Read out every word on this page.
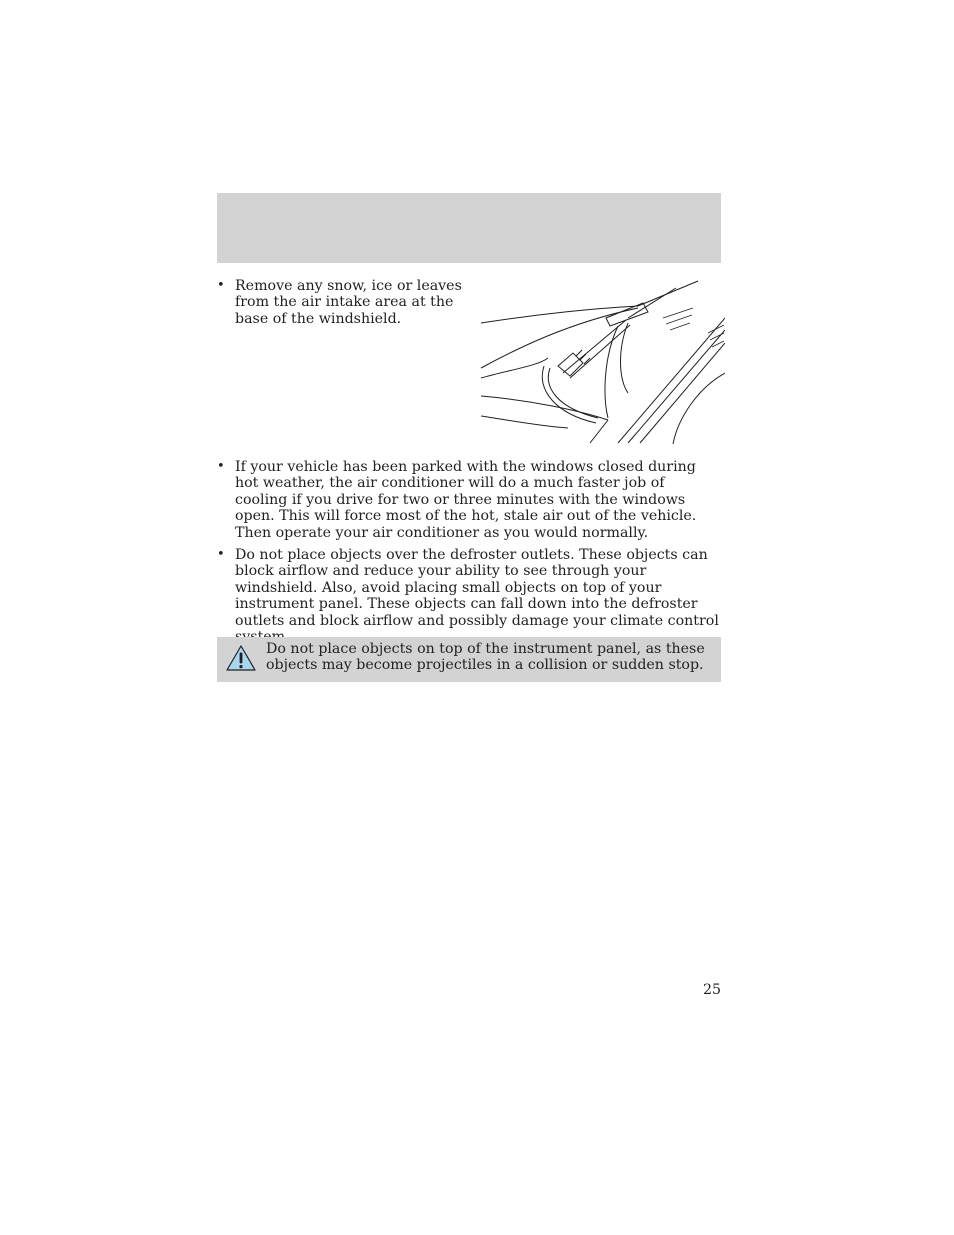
• Remove any snow, ice or leaves from the air intake area at the base of the windshield.
• If your vehicle has been parked with the windows closed during hot weather, the air conditioner will do a much faster job of cooling if you drive for two or three minutes with the windows open. This will force most of the hot, stale air out of the vehicle. Then operate your air conditioner as you would normally.
• Do not place objects over the defroster outlets. These objects can block airflow and reduce your ability to see through your windshield. Also, avoid placing small objects on top of your instrument panel. These objects can fall down into the defroster outlets and block airflow and possibly damage your climate control
Do not place objects on top of the instrument panel, as these objects may become projectiles in a collision or sudden stop.
25
